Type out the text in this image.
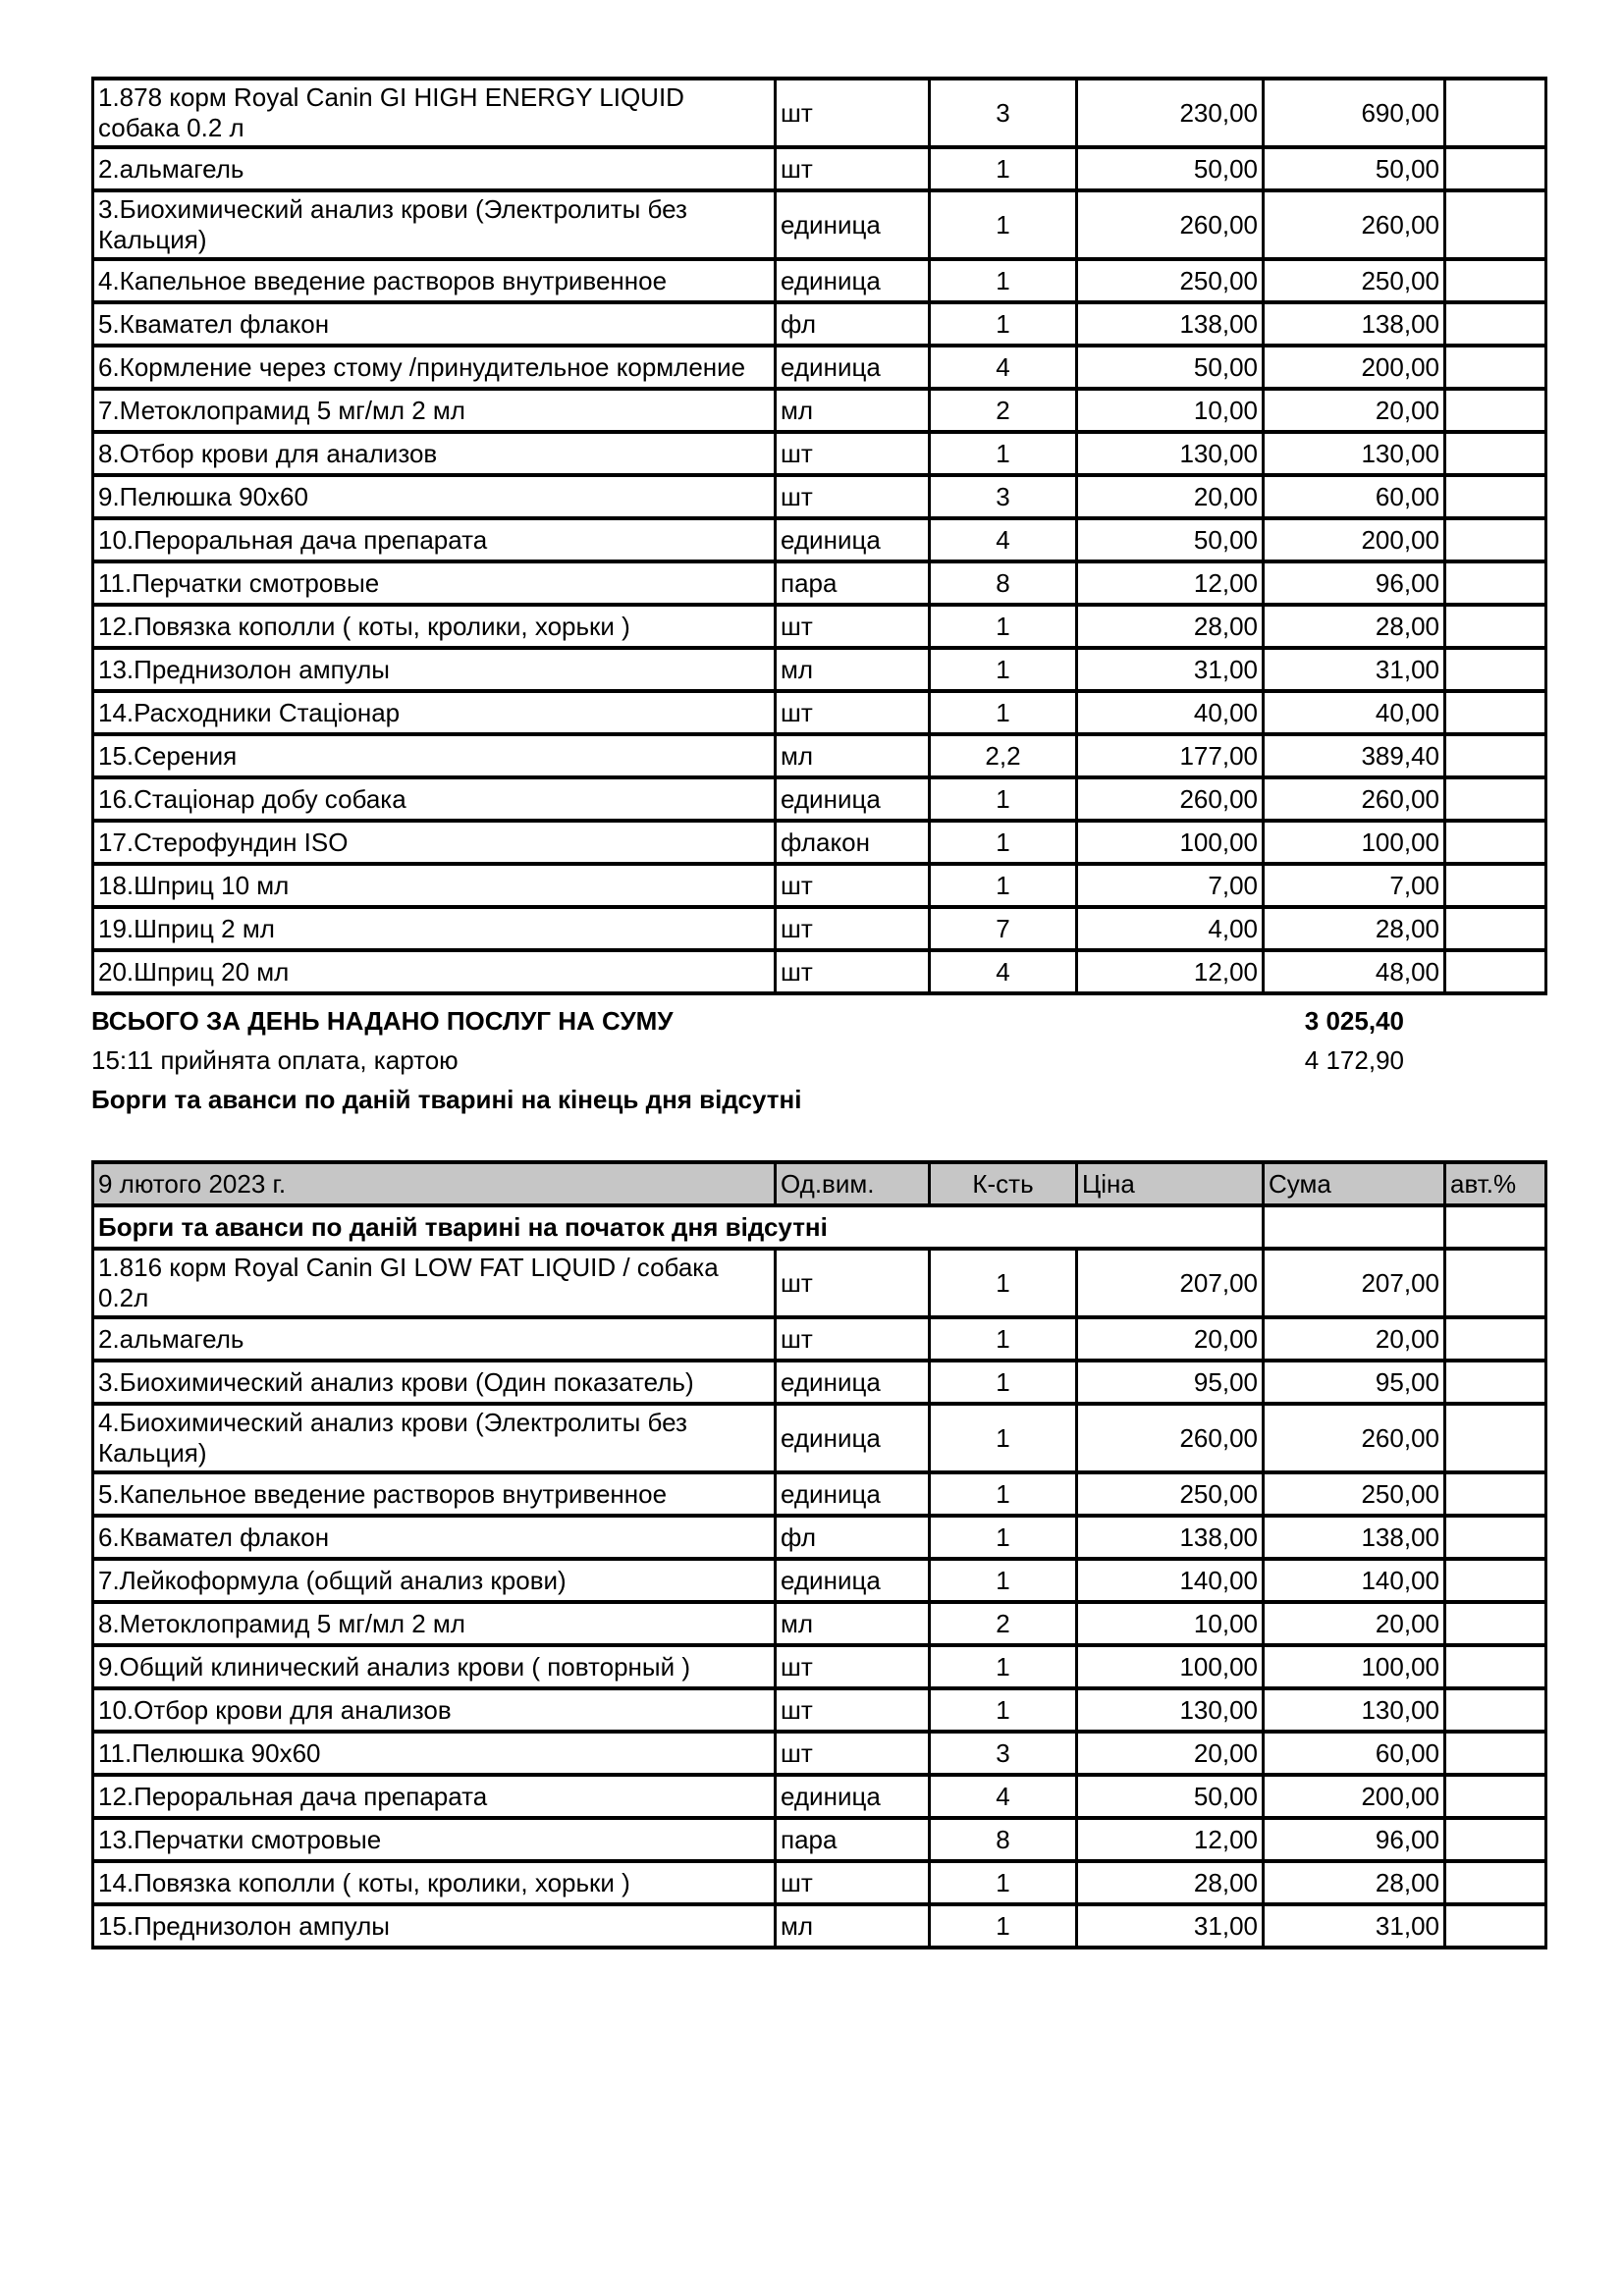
1.878 корм Royal Canin GI HIGH ENERGY LIQUID собака 0.2 л	шт	3	230,00	690,00	
2.альмагель	шт	1	50,00	50,00	
3.Биохимический анализ крови (Электролиты без Кальция)	единица	1	260,00	260,00	
4.Капельное введение растворов внутривенное	единица	1	250,00	250,00	
5.Квамател флакон	фл	1	138,00	138,00	
6.Кормление через стому /принудительное кормление	единица	4	50,00	200,00	
7.Метоклопрамид 5 мг/мл 2 мл	мл	2	10,00	20,00	
8.Отбор крови для анализов	шт	1	130,00	130,00	
9.Пелюшка 90х60	шт	3	20,00	60,00	
10.Пероральная дача препарата	единица	4	50,00	200,00	
11.Перчатки смотровые	пара	8	12,00	96,00	
12.Повязка кополли ( коты, кролики, хорьки )	шт	1	28,00	28,00	
13.Преднизолон ампулы	мл	1	31,00	31,00	
14.Расходники Стаціонар	шт	1	40,00	40,00	
15.Серения	мл	2,2	177,00	389,40	
16.Стаціонар добу собака	единица	1	260,00	260,00	
17.Стерофундин ISO	флакон	1	100,00	100,00	
18.Шприц 10 мл	шт	1	7,00	7,00	
19.Шприц 2 мл	шт	7	4,00	28,00	
20.Шприц 20 мл	шт	4	12,00	48,00	
ВСЬОГО ЗА ДЕНЬ НАДАНО ПОСЛУГ НА СУМУ	3 025,40
15:11 прийнята оплата, картою	4 172,90
Борги та аванси по даній тварині на кінець дня відсутні
9 лютого 2023 г.	Од.вим.	К-сть	Ціна	Сума	авт.%
Борги та аванси по даній тварині на початок дня відсутні					
1.816 корм Royal Canin GI LOW FAT LIQUID / собака 0.2л	шт	1	207,00	207,00	
2.альмагель	шт	1	20,00	20,00	
3.Биохимический анализ крови (Один показатель)	единица	1	95,00	95,00	
4.Биохимический анализ крови (Электролиты без Кальция)	единица	1	260,00	260,00	
5.Капельное введение растворов внутривенное	единица	1	250,00	250,00	
6.Квамател флакон	фл	1	138,00	138,00	
7.Лейкоформула (общий анализ крови)	единица	1	140,00	140,00	
8.Метоклопрамид 5 мг/мл 2 мл	мл	2	10,00	20,00	
9.Общий клинический анализ крови ( повторный )	шт	1	100,00	100,00	
10.Отбор крови для анализов	шт	1	130,00	130,00	
11.Пелюшка 90х60	шт	3	20,00	60,00	
12.Пероральная дача препарата	единица	4	50,00	200,00	
13.Перчатки смотровые	пара	8	12,00	96,00	
14.Повязка кополли ( коты, кролики, хорьки )	шт	1	28,00	28,00	
15.Преднизолон ампулы	мл	1	31,00	31,00	
